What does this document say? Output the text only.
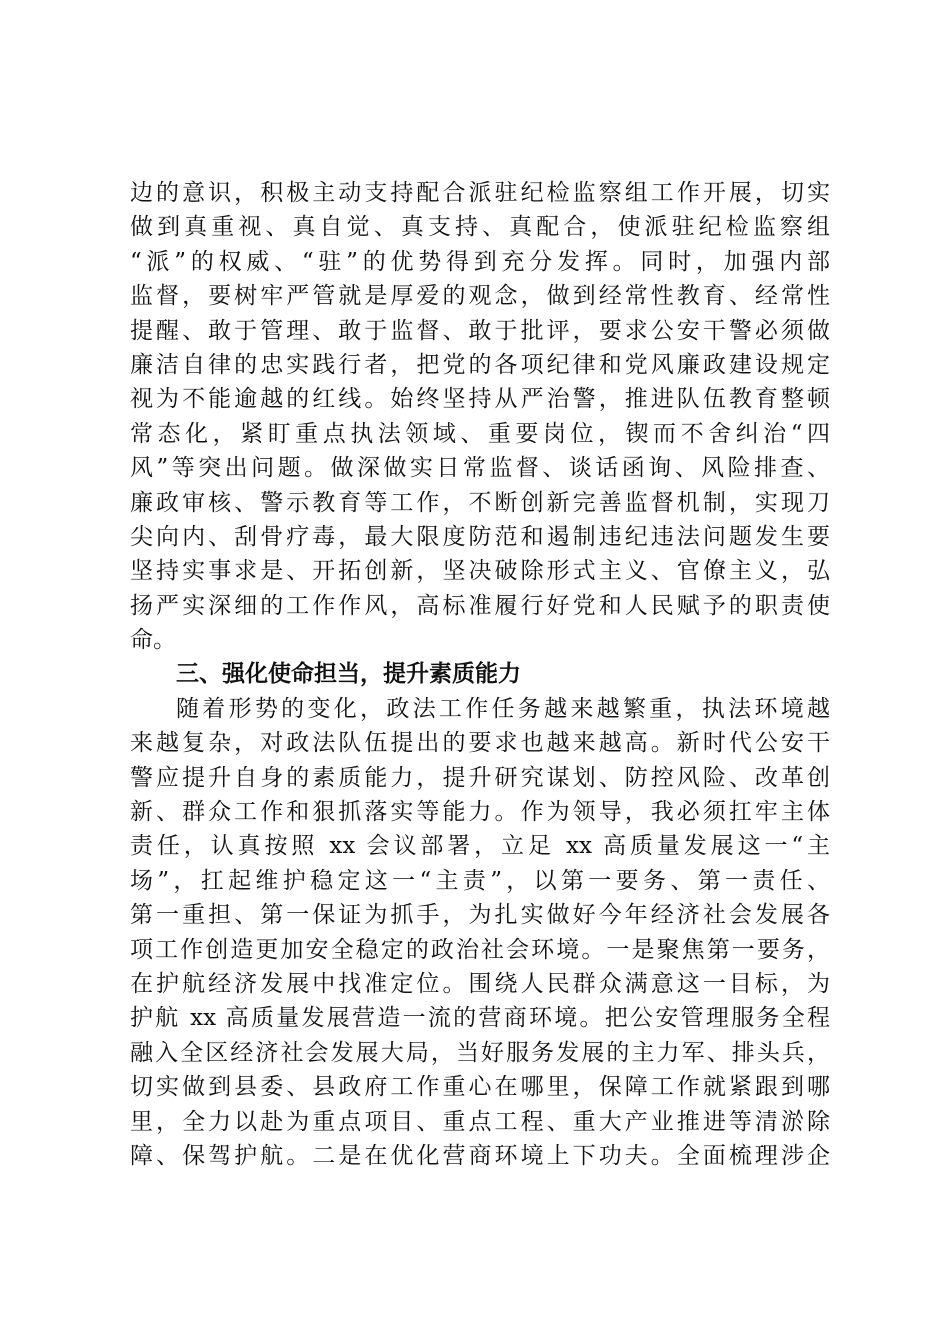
边的意识，积极主动支持配合派驻纪检监察组工作开展，切实
做到真重视、真自觉、真支持、真配合，使派驻纪检监察组
“派”的权威、“驻”的优势得到充分发挥。同时，加强内部
监督，要树牢严管就是厚爱的观念，做到经常性教育、经常性
提醒、敢于管理、敢于监督、敢于批评，要求公安干警必须做
廉洁自律的忠实践行者，把党的各项纪律和党风廉政建设规定
视为不能逾越的红线。始终坚持从严治警，推进队伍教育整顿
常态化，紧盯重点执法领域、重要岗位，锲而不舍纠治“四
风”等突出问题。做深做实日常监督、谈话函询、风险排查、
廉政审核、警示教育等工作，不断创新完善监督机制，实现刀
尖向内、刮骨疗毒，最大限度防范和遏制违纪违法问题发生要
坚持实事求是、开拓创新，坚决破除形式主义、官僚主义，弘
扬严实深细的工作作风，高标准履行好党和人民赋予的职责使
命。
三、强化使命担当，提升素质能力
随着形势的变化，政法工作任务越来越繁重，执法环境越
来越复杂，对政法队伍提出的要求也越来越高。新时代公安干
警应提升自身的素质能力，提升研究谋划、防控风险、改革创
新、群众工作和狠抓落实等能力。作为领导，我必须扛牢主体
责任，认真按照 xx 会议部署，立足 xx 高质量发展这一“主
场”，扛起维护稳定这一“主责”，以第一要务、第一责任、
第一重担、第一保证为抓手，为扎实做好今年经济社会发展各
项工作创造更加安全稳定的政治社会环境。一是聚焦第一要务，
在护航经济发展中找准定位。围绕人民群众满意这一目标，为
护航 xx 高质量发展营造一流的营商环境。把公安管理服务全程
融入全区经济社会发展大局，当好服务发展的主力军、排头兵，
切实做到县委、县政府工作重心在哪里，保障工作就紧跟到哪
里，全力以赴为重点项目、重点工程、重大产业推进等清淤除
障、保驾护航。二是在优化营商环境上下功夫。全面梳理涉企
